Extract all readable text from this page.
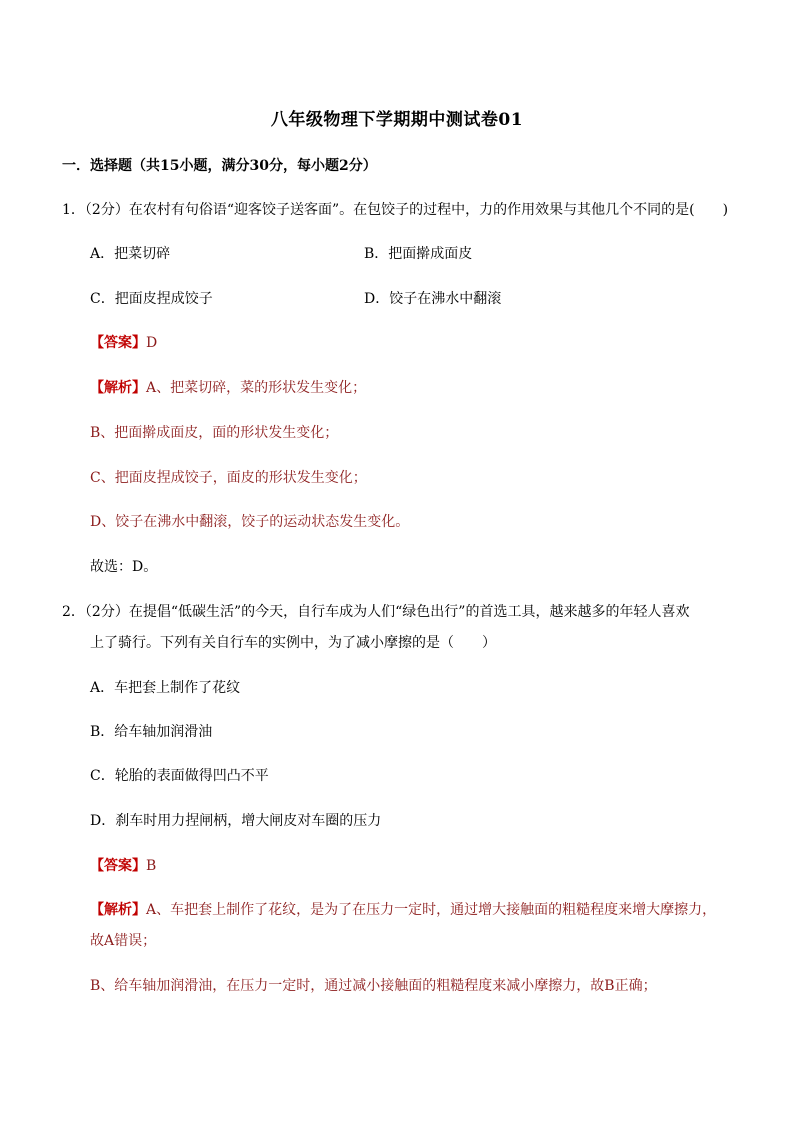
八年级物理下学期期中测试卷01
一．选择题（共15小题，满分30分，每小题2分）
1．（2分）在农村有句俗语“迎客饺子送客面”。在包饺子的过程中，力的作用效果与其他几个不同的是(　　)
A．把菜切碎	B．把面擀成面皮
C．把面皮捏成饺子	D．饺子在沸水中翻滚
【答案】D
【解析】A、把菜切碎，菜的形状发生变化；
B、把面擀成面皮，面的形状发生变化；
C、把面皮捏成饺子，面皮的形状发生变化；
D、饺子在沸水中翻滚，饺子的运动状态发生变化。
故选：D。
2．（2分）在提倡“低碳生活”的今天，自行车成为人们“绿色出行”的首选工具，越来越多的年轻人喜欢
上了骑行。下列有关自行车的实例中，为了减小摩擦的是（　　）
A．车把套上制作了花纹
B．给车轴加润滑油
C．轮胎的表面做得凹凸不平
D．刹车时用力捏闸柄，增大闸皮对车圈的压力
【答案】B
【解析】A、车把套上制作了花纹，是为了在压力一定时，通过增大接触面的粗糙程度来增大摩擦力，
故A错误；
B、给车轴加润滑油，在压力一定时，通过减小接触面的粗糙程度来减小摩擦力，故B正确；
